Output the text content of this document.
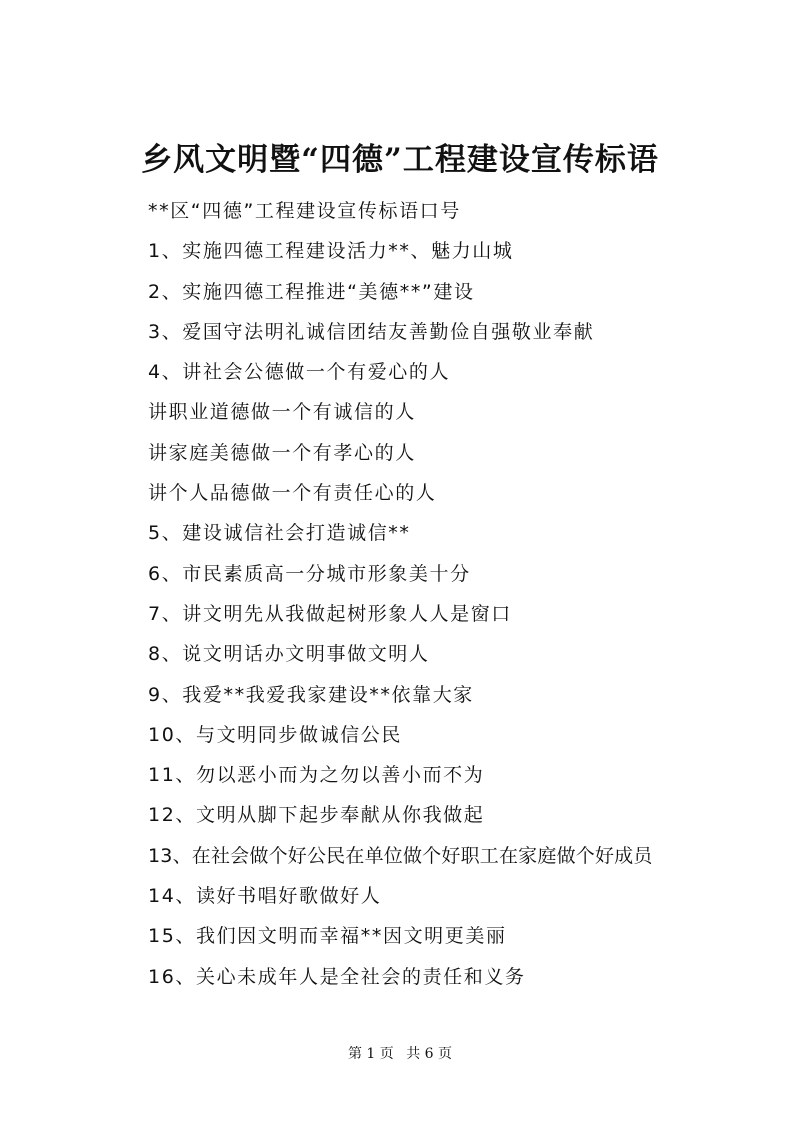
乡风文明暨“四德”工程建设宣传标语
**区“四德”工程建设宣传标语口号
1、实施四德工程建设活力**、魅力山城
2、实施四德工程推进“美德**”建设
3、爱国守法明礼诚信团结友善勤俭自强敬业奉献
4、讲社会公德做一个有爱心的人
讲职业道德做一个有诚信的人
讲家庭美德做一个有孝心的人
讲个人品德做一个有责任心的人
5、建设诚信社会打造诚信**
6、市民素质高一分城市形象美十分
7、讲文明先从我做起树形象人人是窗口
8、说文明话办文明事做文明人
9、我爱**我爱我家建设**依靠大家
10、与文明同步做诚信公民
11、勿以恶小而为之勿以善小而不为
12、文明从脚下起步奉献从你我做起
13、在社会做个好公民在单位做个好职工在家庭做个好成员
14、读好书唱好歌做好人
15、我们因文明而幸福**因文明更美丽
16、关心未成年人是全社会的责任和义务
第 1 页 共 6 页
